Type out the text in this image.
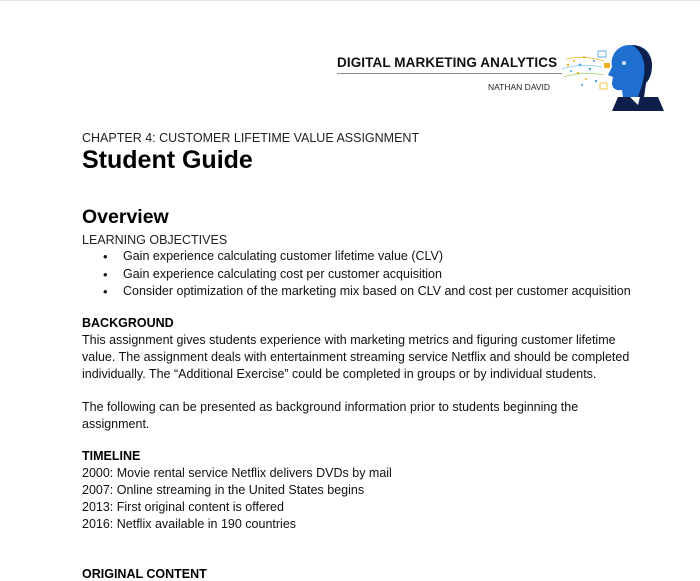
DIGITAL MARKETING ANALYTICS
NATHAN DAVID
CHAPTER 4: CUSTOMER LIFETIME VALUE ASSIGNMENT
Student Guide
Overview
LEARNING OBJECTIVES
• Gain experience calculating customer lifetime value (CLV)
• Gain experience calculating cost per customer acquisition
• Consider optimization of the marketing mix based on CLV and cost per customer acquisition
BACKGROUND

This assignment gives students experience with marketing metrics and figuring customer lifetime value. The assignment deals with entertainment streaming service Netflix and should be completed individually. The “Additional Exercise” could be completed in groups or by individual students.

The following can be presented as background information prior to students beginning the assignment.

TIMELINE
2000: Movie rental service Netflix delivers DVDs by mail
2007: Online streaming in the United States begins
2013: First original content is offered
2016: Netflix available in 190 countries
ORIGINAL CONTENT
